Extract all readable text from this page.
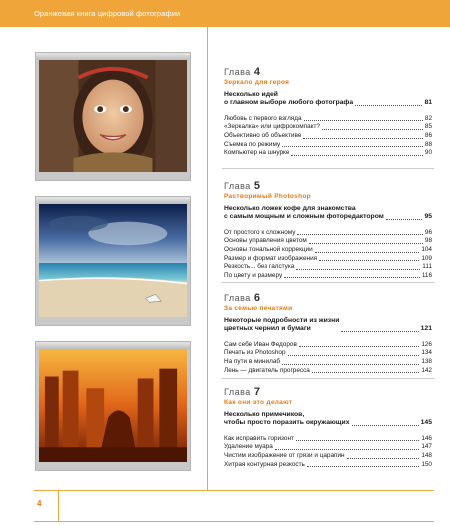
Оранжевая книга цифровой фотографии
Глава 4
Зеркало для героя
Несколько идей
о главном выборе любого фотографа	81
Любовь с первого взгляда	82
«Зеркалка» или цифрокомпакт?	85
Объективно об объективе	86
Съемка по режиму	88
Компьютер на шнурке	90
Глава 5
Растворимый Photoshop
Несколько ложек кофе для знакомства
с самым мощным и сложным фоторедактором	95
От простого к сложному	96
Основы управления цветом	98
Основы тональной коррекции	104
Размер и формат изображения	109
Резкость... без галстука	111
По цвету и размеру	116
Глава 6
За семью печатями
Некоторые подробности из жизни
цветных чернил и бумаги	121
Сам себе Иван Федоров	126
Печать из Photoshop	134
На пути в минилаб	138
Лень — двигатель прогресса	142
Глава 7
Как они это делают
Несколько примечиков,
чтобы просто поразить окружающих	145
Как исправить горизонт	146
Удаление муара	147
Чистим изображение от грязи и царапин	148
Хитрая контурная резкость	150
4
